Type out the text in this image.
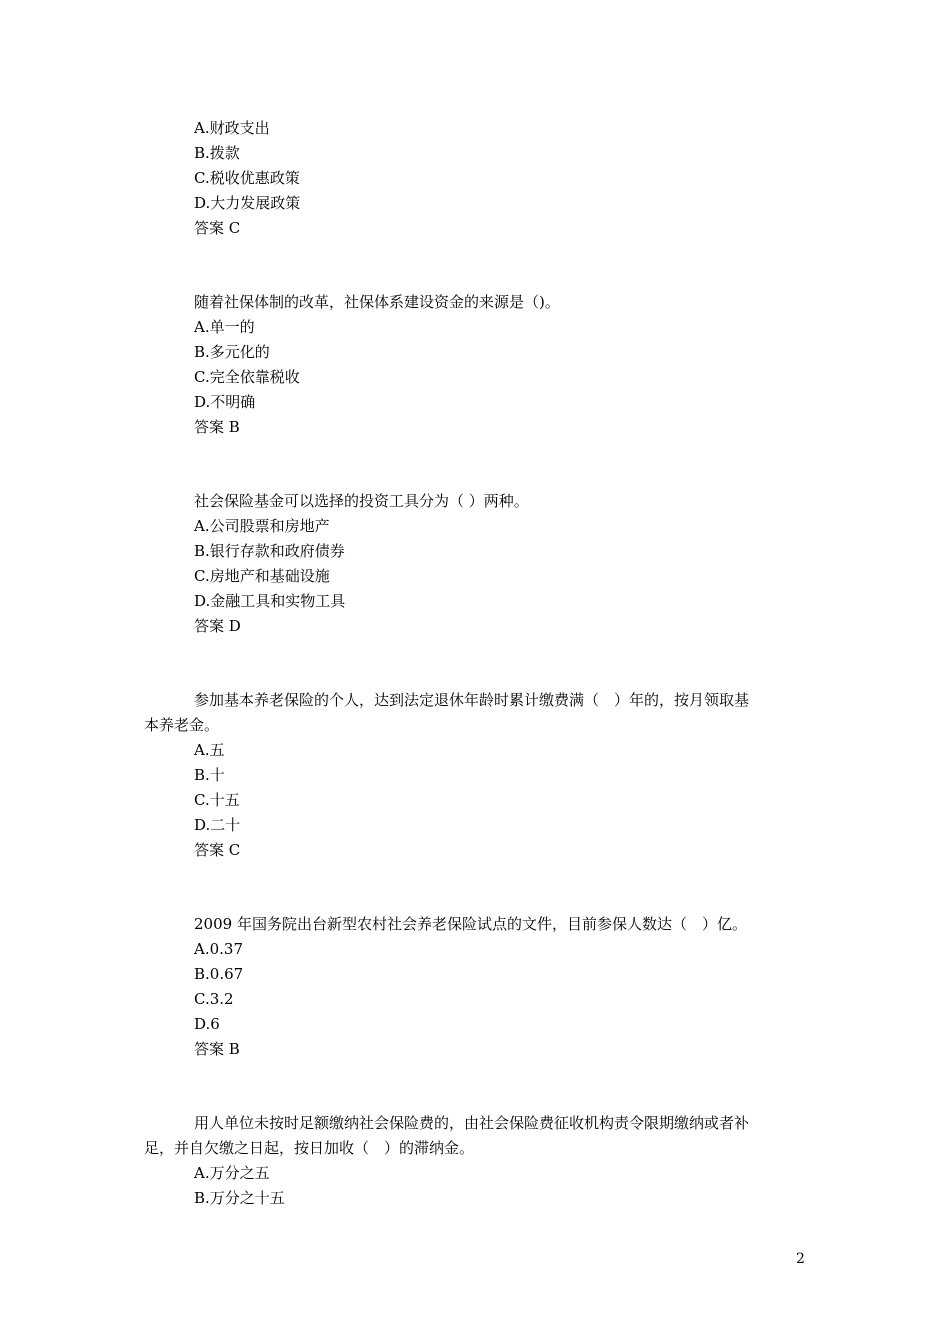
A.财政支出
B.拨款
C.税收优惠政策
D.大力发展政策
答案 C
随着社保体制的改革，社保体系建设资金的来源是（)。
A.单一的
B.多元化的
C.完全依靠税收
D.不明确
答案 B
社会保险基金可以选择的投资工具分为（ ）两种。
A.公司股票和房地产
B.银行存款和政府债券
C.房地产和基础设施
D.金融工具和实物工具
答案 D
参加基本养老保险的个人，达到法定退休年龄时累计缴费满（　）年的，按月领取基
本养老金。
A.五
B.十
C.十五
D.二十
答案 C
2009 年国务院出台新型农村社会养老保险试点的文件，目前参保人数达（　）亿。
A.0.37
B.0.67
C.3.2
D.6
答案 B
用人单位未按时足额缴纳社会保险费的，由社会保险费征收机构责令限期缴纳或者补
足，并自欠缴之日起，按日加收（　）的滞纳金。
A.万分之五
B.万分之十五
2
